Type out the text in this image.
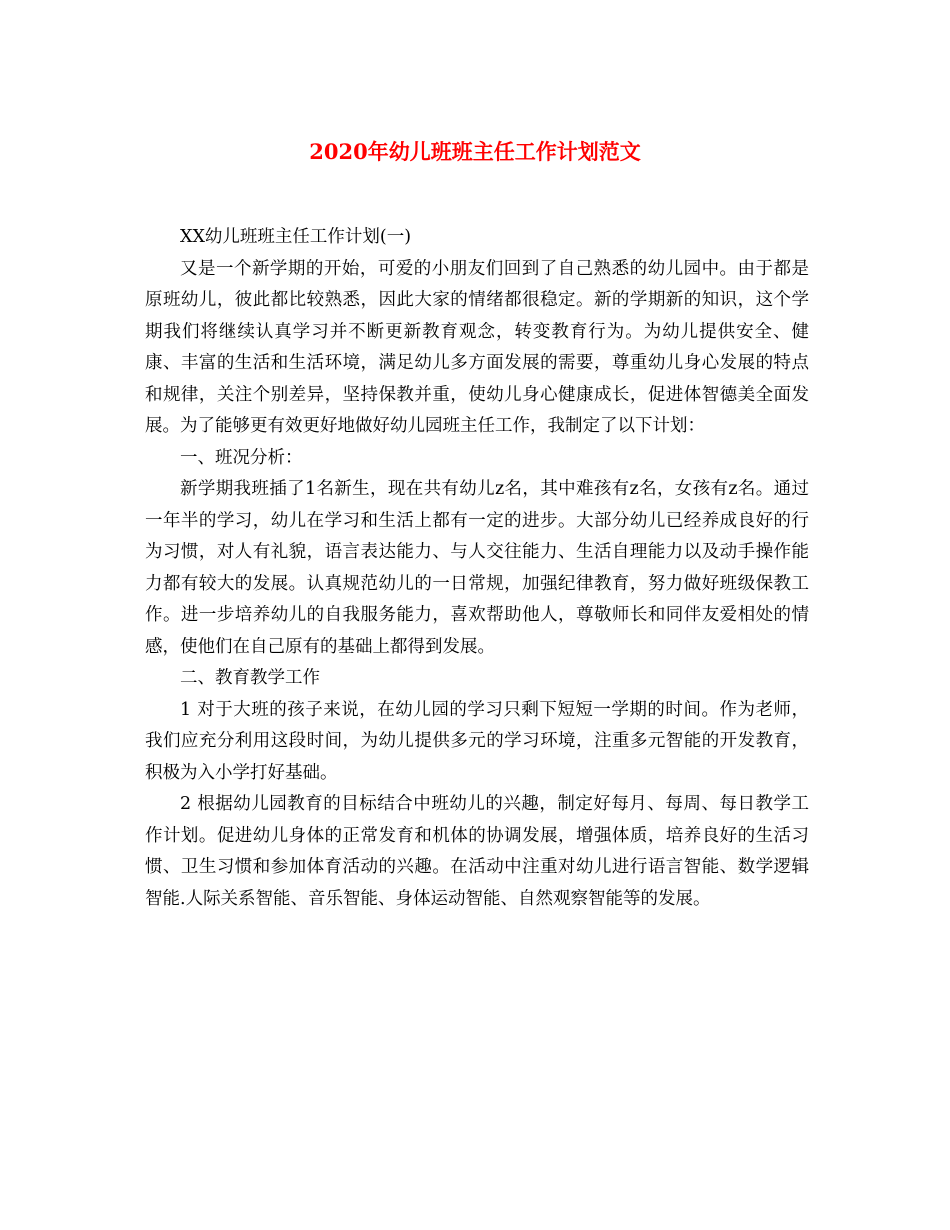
2020年幼儿班班主任工作计划范文

XX幼儿班班主任工作计划(一)

又是一个新学期的开始，可爱的小朋友们回到了自己熟悉的幼儿园中。由于都是原班幼儿，彼此都比较熟悉，因此大家的情绪都很稳定。新的学期新的知识，这个学期我们将继续认真学习并不断更新教育观念，转变教育行为。为幼儿提供安全、健康、丰富的生活和生活环境，满足幼儿多方面发展的需要，尊重幼儿身心发展的特点和规律，关注个别差异，坚持保教并重，使幼儿身心健康成长，促进体智德美全面发展。为了能够更有效更好地做好幼儿园班主任工作，我制定了以下计划：

一、班况分析：

新学期我班插了1名新生，现在共有幼儿z名，其中难孩有z名，女孩有z名。通过一年半的学习，幼儿在学习和生活上都有一定的进步。大部分幼儿已经养成良好的行为习惯，对人有礼貌，语言表达能力、与人交往能力、生活自理能力以及动手操作能力都有较大的发展。认真规范幼儿的一日常规，加强纪律教育，努力做好班级保教工作。进一步培养幼儿的自我服务能力，喜欢帮助他人，尊敬师长和同伴友爱相处的情感，使他们在自己原有的基础上都得到发展。

二、教育教学工作

1 对于大班的孩子来说，在幼儿园的学习只剩下短短一学期的时间。作为老师，我们应充分利用这段时间，为幼儿提供多元的学习环境，注重多元智能的开发教育，积极为入小学打好基础。

2 根据幼儿园教育的目标结合中班幼儿的兴趣，制定好每月、每周、每日教学工作计划。促进幼儿身体的正常发育和机体的协调发展，增强体质，培养良好的生活习惯、卫生习惯和参加体育活动的兴趣。在活动中注重对幼儿进行语言智能、数学逻辑智能.人际关系智能、音乐智能、身体运动智能、自然观察智能等的发展。
